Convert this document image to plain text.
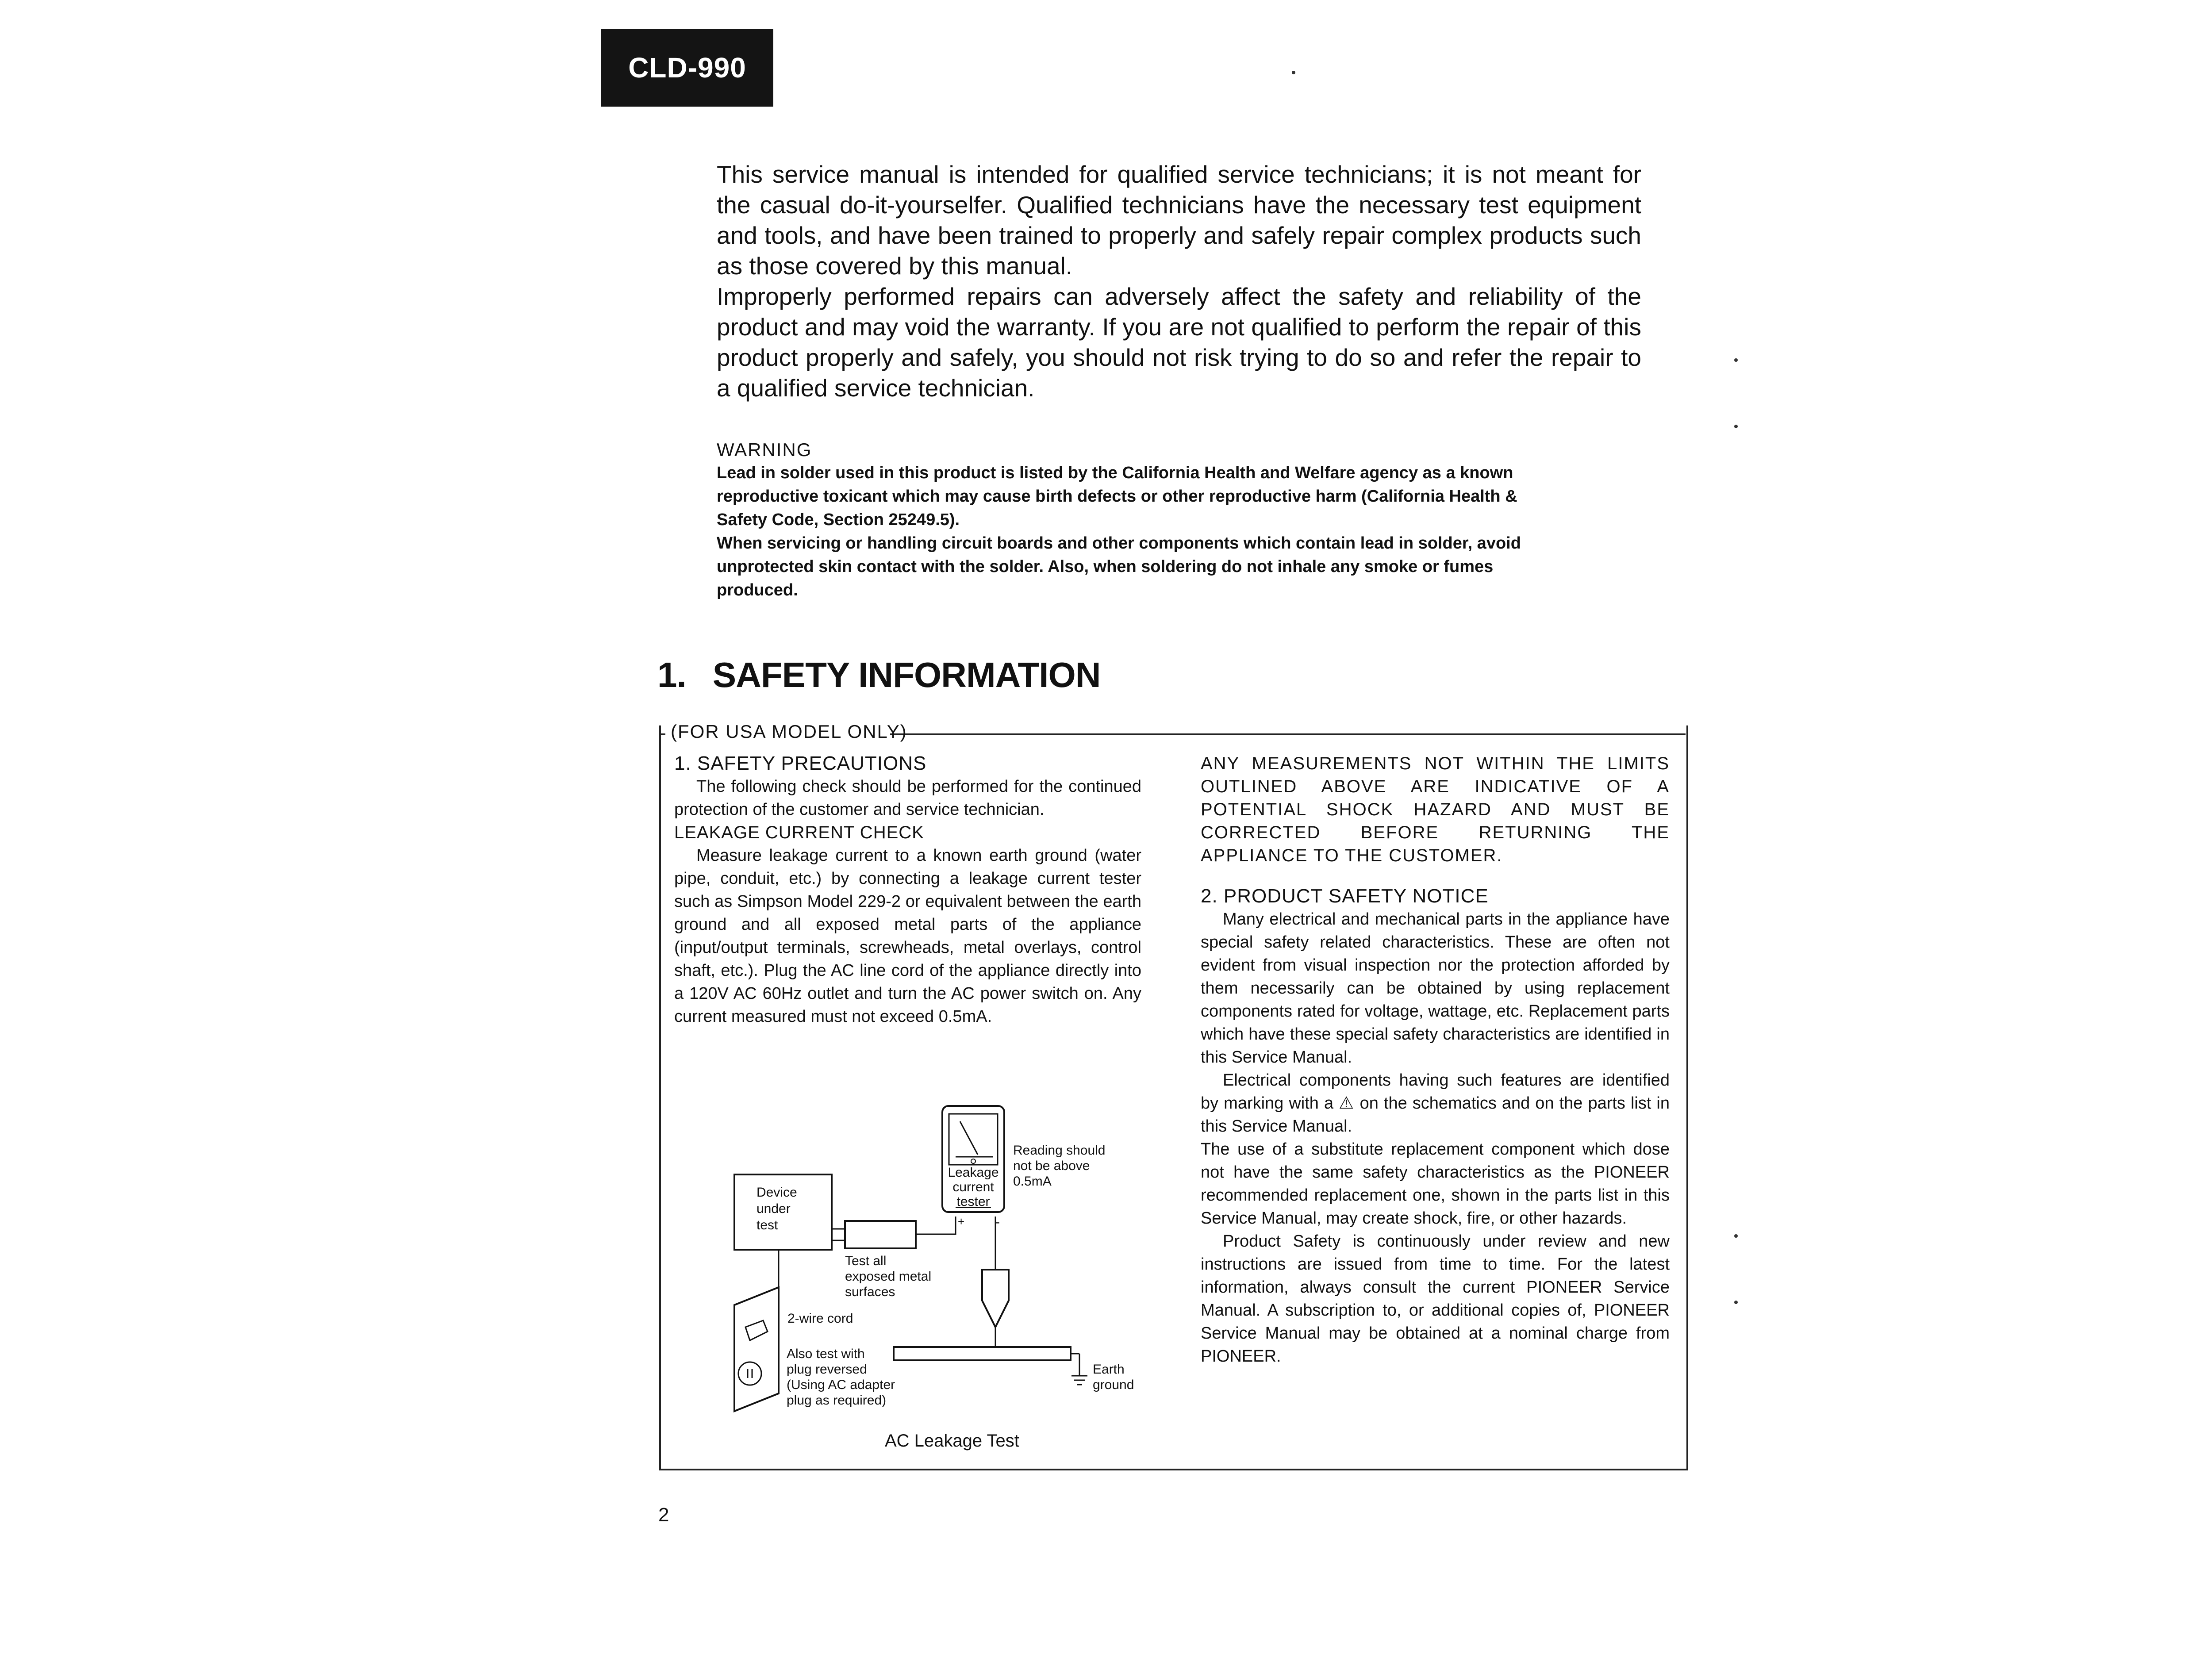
CLD-990

This service manual is intended for qualified service technicians; it is not meant for the casual do-it-yourselfer. Qualified technicians have the necessary test equipment and tools, and have been trained to properly and safely repair complex products such as those covered by this manual.

Improperly performed repairs can adversely affect the safety and reliability of the product and may void the warranty. If you are not qualified to perform the repair of this product properly and safely, you should not risk trying to do so and refer the repair to a qualified service technician.

WARNING

Lead in solder used in this product is listed by the California Health and Welfare agency as a known reproductive toxicant which may cause birth defects or other reproductive harm (California Health & Safety Code, Section 25249.5).

When servicing or handling circuit boards and other components which contain lead in solder, avoid unprotected skin contact with the solder. Also, when soldering do not inhale any smoke or fumes produced.

1. SAFETY INFORMATION
(FOR USA MODEL ONLY)

1. SAFETY PRECAUTIONS

The following check should be performed for the continued protection of the customer and service technician.

LEAKAGE CURRENT CHECK

Measure leakage current to a known earth ground (water pipe, conduit, etc.) by connecting a leakage current tester such as Simpson Model 229-2 or equivalent between the earth ground and all exposed metal parts of the appliance (input/output terminals, screwheads, metal overlays, control shaft, etc.). Plug the AC line cord of the appliance directly into a 120V AC 60Hz outlet and turn the AC power switch on. Any current measured must not exceed 0.5mA.

Leakage
current
tester
+ -
Reading should
not be above
0.5mA
Device
under
test
Earth
ground
Test all
exposed metal
surfaces
2-wire cord
Also test with
plug reversed
(Using AC adapter
plug as required)
AC Leakage Test

ANY MEASUREMENTS NOT WITHIN THE LIMITS OUTLINED ABOVE ARE INDICATIVE OF A POTENTIAL SHOCK HAZARD AND MUST BE CORRECTED BEFORE RETURNING THE APPLIANCE TO THE CUSTOMER.

2. PRODUCT SAFETY NOTICE

Many electrical and mechanical parts in the appliance have special safety related characteristics. These are often not evident from visual inspection nor the protection afforded by them necessarily can be obtained by using replacement components rated for voltage, wattage, etc. Replacement parts which have these special safety characteristics are identified in this Service Manual.

Electrical components having such features are identified by marking with a ⚠ on the schematics and on the parts list in this Service Manual.

The use of a substitute replacement component which dose not have the same safety characteristics as the PIONEER recommended replacement one, shown in the parts list in this Service Manual, may create shock, fire, or other hazards.

Product Safety is continuously under review and new instructions are issued from time to time. For the latest information, always consult the current PIONEER Service Manual. A subscription to, or additional copies of, PIONEER Service Manual may be obtained at a nominal charge from PIONEER.

2
